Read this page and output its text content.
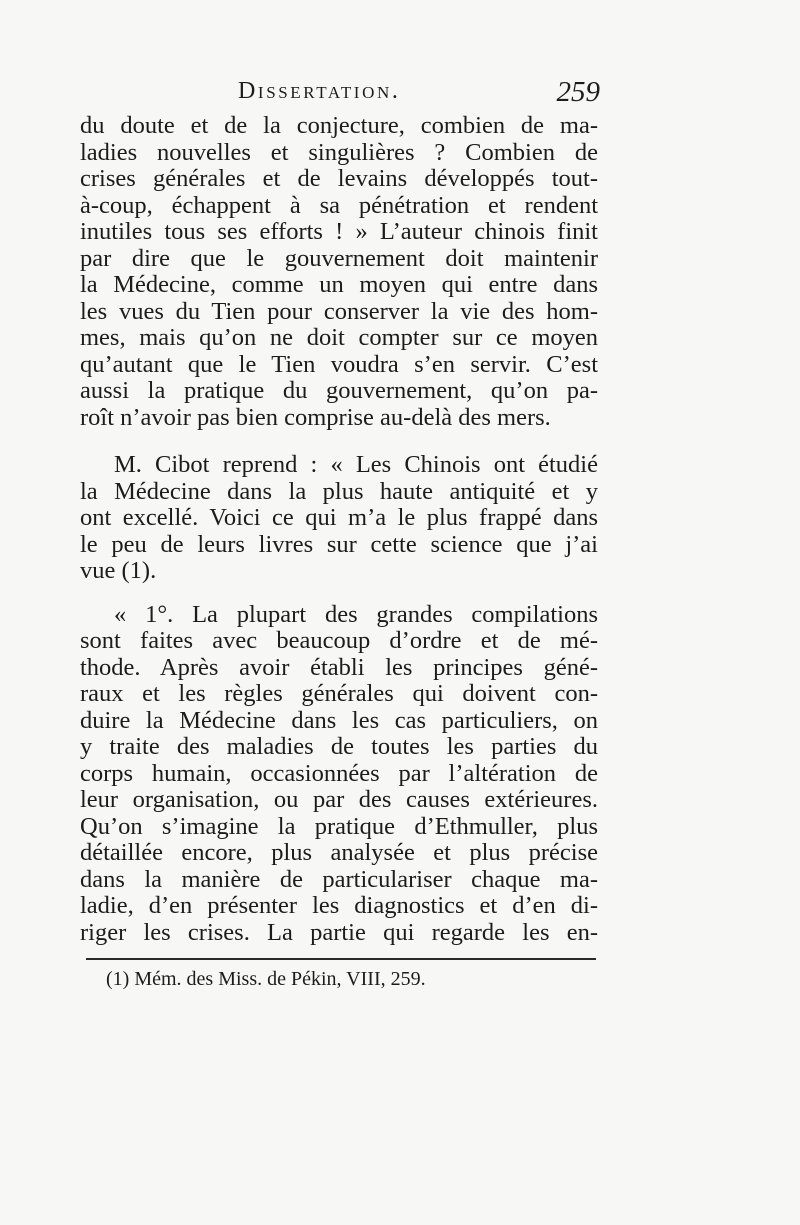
Dissertation.	259
du doute et de la conjecture, combien de ma-
ladies nouvelles et singulières ? Combien de
crises générales et de levains développés tout-
à-coup, échappent à sa pénétration et rendent
inutiles tous ses efforts ! » L’auteur chinois finit
par dire que le gouvernement doit maintenir
la Médecine, comme un moyen qui entre dans
les vues du Tien pour conserver la vie des hom-
mes, mais qu’on ne doit compter sur ce moyen
qu’autant que le Tien voudra s’en servir. C’est
aussi la pratique du gouvernement, qu’on pa-
roît n’avoir pas bien comprise au-delà des mers.
M. Cibot reprend : « Les Chinois ont étudié
la Médecine dans la plus haute antiquité et y
ont excellé. Voici ce qui m’a le plus frappé dans
le peu de leurs livres sur cette science que j’ai
vue (1).
« 1°. La plupart des grandes compilations
sont faites avec beaucoup d’ordre et de mé-
thode. Après avoir établi les principes géné-
raux et les règles générales qui doivent con-
duire la Médecine dans les cas particuliers, on
y traite des maladies de toutes les parties du
corps humain, occasionnées par l’altération de
leur organisation, ou par des causes extérieures.
Qu’on s’imagine la pratique d’Ethmuller, plus
détaillée encore, plus analysée et plus précise
dans la manière de particulariser chaque ma-
ladie, d’en présenter les diagnostics et d’en di-
riger les crises. La partie qui regarde les en-
(1) Mém. des Miss. de Pékin, VIII, 259.
